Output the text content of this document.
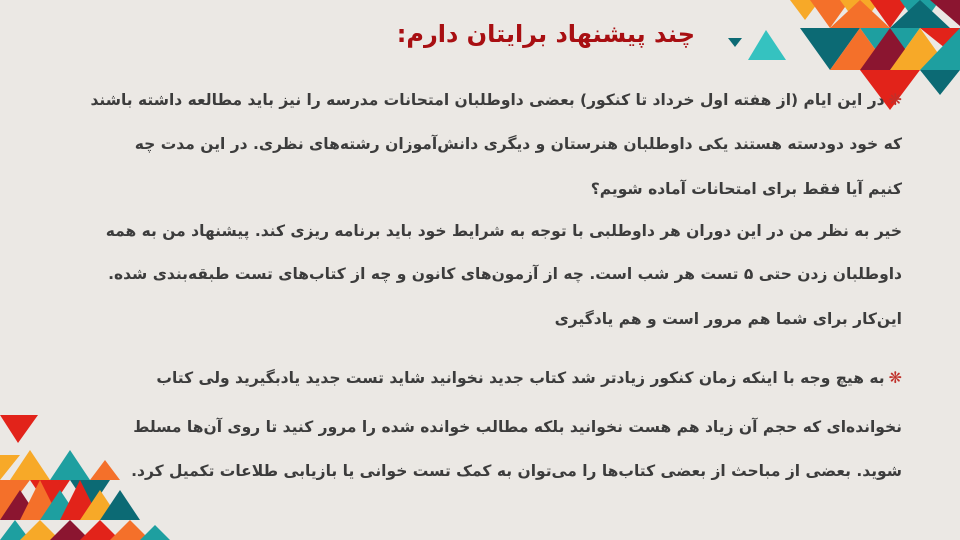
چند پیشنهاد برایتان دارم:
❋در این ایام (از هفته اول خرداد تا کنکور) بعضی داوطلبان امتحانات مدرسه را نیز باید مطالعه داشته باشند
که خود دودسته هستند یکی داوطلبان هنرستان و دیگری دانش‌آموزان رشته‌های نظری. در این مدت چه
کنیم آیا فقط برای امتحانات آماده شویم؟
خیر به نظر من در این دوران هر داوطلبی با توجه به شرایط خود باید برنامه ریزی کند. پیشنهاد من به همه
داوطلبان زدن حتی ۵ تست هر شب است. چه از آزمون‌های کانون و چه از کتاب‌های تست طبقه‌بندی شده.
این‌کار برای شما هم مرور است و هم یادگیری
❋به هیچ وجه با اینکه زمان کنکور زیادتر شد کتاب جدید نخوانید شاید تست جدید یادبگیرید ولی کتاب
نخوانده‌ای که حجم آن زیاد هم هست نخوانید بلکه مطالب خوانده شده را مرور کنید تا روی آن‌ها مسلط
شوید. بعضی از مباحث از بعضی کتاب‌ها را می‌توان به کمک تست خوانی یا بازیابی طلاعات تکمیل کرد.
